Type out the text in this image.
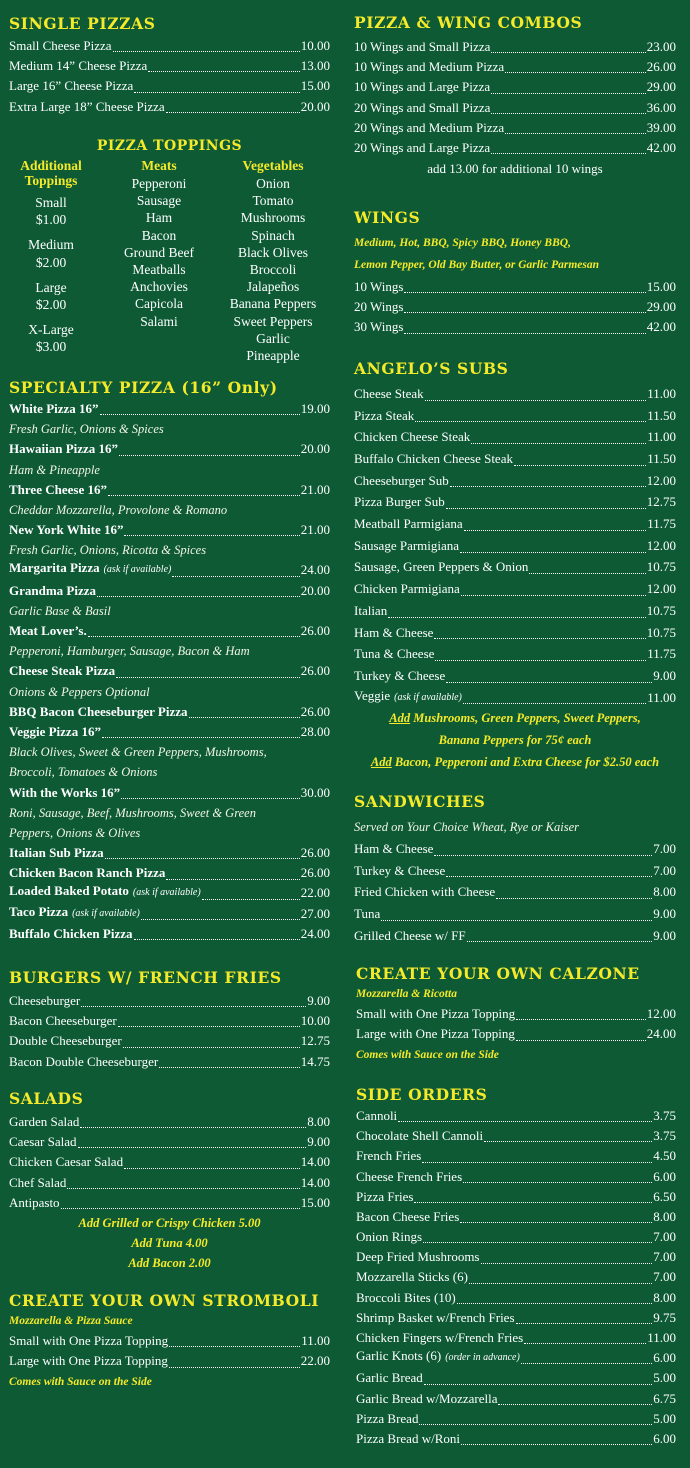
SINGLE PIZZAS
Small Cheese Pizza	10.00
Medium 14” Cheese Pizza	13.00
Large 16” Cheese Pizza	15.00
Extra Large 18” Cheese Pizza	20.00
PIZZA TOPPINGS
Additional
Toppings
Small
$1.00
Medium
$2.00
Large
$2.00
X-Large
$3.00
Meats
Pepperoni
Sausage
Ham
Bacon
Ground Beef
Meatballs
Anchovies
Capicola
Salami
Vegetables
Onion
Tomato
Mushrooms
Spinach
Black Olives
Broccoli
Jalapeños
Banana Peppers
Sweet Peppers
Garlic
Pineapple
SPECIALTY PIZZA (16” Only)
White Pizza 16”	19.00
Fresh Garlic, Onions & Spices
Hawaiian Pizza 16”	20.00
Ham & Pineapple
Three Cheese 16”	21.00
Cheddar Mozzarella, Provolone & Romano
New York White 16”	21.00
Fresh Garlic, Onions, Ricotta & Spices
Margarita Pizza (ask if available)	24.00
Grandma Pizza	20.00
Garlic Base & Basil
Meat Lover’s.	26.00
Pepperoni, Hamburger, Sausage, Bacon & Ham
Cheese Steak Pizza	26.00
Onions & Peppers Optional
BBQ Bacon Cheeseburger Pizza	26.00
Veggie Pizza 16”	28.00
Black Olives, Sweet & Green Peppers, Mushrooms,
Broccoli, Tomatoes & Onions
With the Works 16”	30.00
Roni, Sausage, Beef, Mushrooms, Sweet & Green
Peppers, Onions & Olives
Italian Sub Pizza	26.00
Chicken Bacon Ranch Pizza	26.00
Loaded Baked Potato (ask if available)	22.00
Taco Pizza (ask if available)	27.00
Buffalo Chicken Pizza	24.00
BURGERS W/ FRENCH FRIES
Cheeseburger	9.00
Bacon Cheeseburger	10.00
Double Cheeseburger	12.75
Bacon Double Cheeseburger	14.75
SALADS
Garden Salad	8.00
Caesar Salad	9.00
Chicken Caesar Salad	14.00
Chef Salad	14.00
Antipasto	15.00
Add Grilled or Crispy Chicken 5.00
Add Tuna 4.00
Add Bacon 2.00
CREATE YOUR OWN STROMBOLI
Mozzarella & Pizza Sauce
Small with One Pizza Topping	11.00
Large with One Pizza Topping	22.00
Comes with Sauce on the Side
PIZZA & WING COMBOS
10 Wings and Small Pizza	23.00
10 Wings and Medium Pizza	26.00
10 Wings and Large Pizza	29.00
20 Wings and Small Pizza	36.00
20 Wings and Medium Pizza	39.00
20 Wings and Large Pizza	42.00
add 13.00 for additional 10 wings
WINGS
Medium, Hot, BBQ, Spicy BBQ, Honey BBQ,
Lemon Pepper, Old Bay Butter, or Garlic Parmesan
10 Wings	15.00
20 Wings	29.00
30 Wings	42.00
ANGELO’S SUBS
Cheese Steak	11.00
Pizza Steak	11.50
Chicken Cheese Steak	11.00
Buffalo Chicken Cheese Steak	11.50
Cheeseburger Sub	12.00
Pizza Burger Sub	12.75
Meatball Parmigiana	11.75
Sausage Parmigiana	12.00
Sausage, Green Peppers & Onion	10.75
Chicken Parmigiana	12.00
Italian	10.75
Ham & Cheese	10.75
Tuna & Cheese	11.75
Turkey & Cheese	9.00
Veggie (ask if available)	11.00
Add Mushrooms, Green Peppers, Sweet Peppers,
Banana Peppers for 75¢ each
Add Bacon, Pepperoni and Extra Cheese for $2.50 each
SANDWICHES
Served on Your Choice Wheat, Rye or Kaiser
Ham & Cheese	7.00
Turkey & Cheese	7.00
Fried Chicken with Cheese	8.00
Tuna	9.00
Grilled Cheese w/ FF	9.00
CREATE YOUR OWN CALZONE
Mozzarella & Ricotta
Small with One Pizza Topping	12.00
Large with One Pizza Topping	24.00
Comes with Sauce on the Side
SIDE ORDERS
Cannoli	3.75
Chocolate Shell Cannoli	3.75
French Fries	4.50
Cheese French Fries	6.00
Pizza Fries	6.50
Bacon Cheese Fries	8.00
Onion Rings	7.00
Deep Fried Mushrooms	7.00
Mozzarella Sticks (6)	7.00
Broccoli Bites (10)	8.00
Shrimp Basket w/French Fries	9.75
Chicken Fingers w/French Fries	11.00
Garlic Knots (6) (order in advance)	6.00
Garlic Bread	5.00
Garlic Bread w/Mozzarella	6.75
Pizza Bread	5.00
Pizza Bread w/Roni	6.00
